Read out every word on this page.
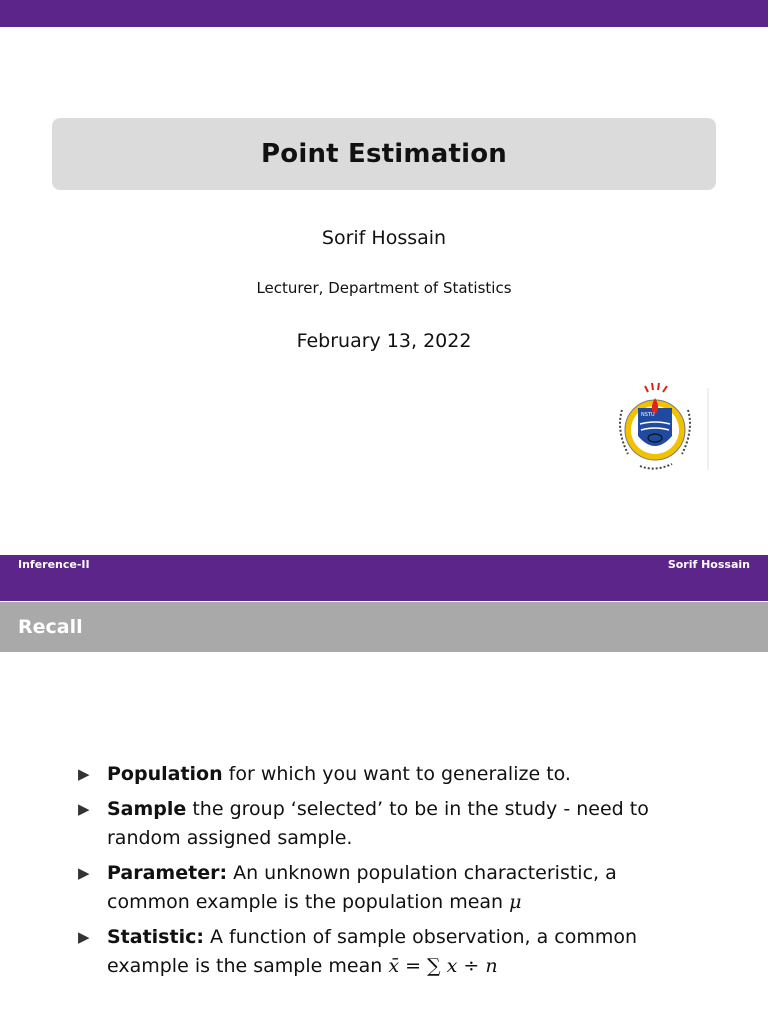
Point Estimation
Sorif Hossain
Lecturer, Department of Statistics
February 13, 2022
NSTU
Inference-II	Sorif Hossain
Recall
▶ Population for which you want to generalize to.
▶ Sample the group ‘selected’ to be in the study - need to random assigned sample.
▶ Parameter: An unknown population characteristic, a common example is the population mean μ
▶ Statistic: A function of sample observation, a common example is the sample mean x̄ = ∑ x ÷ n
